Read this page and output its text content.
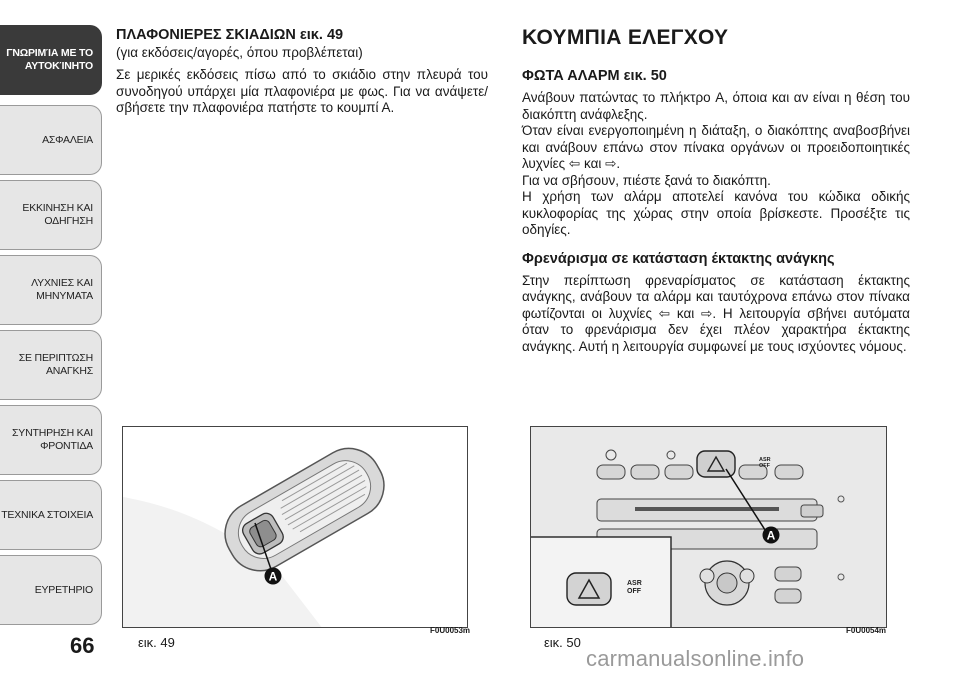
ΓΝΩΡΙΜΊΑ ΜΕ ΤΟ
ΑΥΤΟΚΊΝΗΤΟ
ΑΣΦΑΛΕΙΑ
ΕΚΚΙΝΗΣΗ ΚΑΙ
ΟΔΗΓΗΣΗ
ΛΥΧΝΙΕΣ ΚΑΙ
ΜΗΝΥΜΑΤΑ
ΣΕ ΠΕΡΙΠΤΩΣΗ
ΑΝΑΓΚΗΣ
ΣΥΝΤΗΡΗΣΗ ΚΑΙ
ΦΡΟΝΤΙΔΑ
ΤΕΧΝΙΚΑ ΣΤΟΙΧΕΙΑ
ΕΥΡΕΤΗΡΙΟ
66
ΠΛΑΦΟΝΙΕΡΕΣ ΣΚΙΑΔΙΩΝ εικ. 49
(για εκδόσεις/αγορές, όπου προβλέπεται)

Σε μερικές εκδόσεις πίσω από το σκιάδιο στην πλευρά του συνοδηγού υπάρχει μία πλαφονιέρα με φως. Για να ανάψετε/σβήσετε την πλαφονιέρα πατήστε το κουμπί Α.

ΚΟΥΜΠΙΑ ΕΛΕΓΧΟΥ
ΦΩΤΑ ΑΛΑΡΜ εικ. 50

Ανάβουν πατώντας το πλήκτρο A, όποια και αν είναι η θέση του διακόπτη ανάφλεξης.

Όταν είναι ενεργοποιημένη η διάταξη, ο διακόπτης αναβοσβήνει και ανάβουν επάνω στον πίνακα οργάνων οι προειδοποιητικές λυχνίες ⇦ και ⇨.

Για να σβήσουν, πιέστε ξανά το διακόπτη.

Η χρήση των αλάρμ αποτελεί κανόνα του κώδικα οδικής κυκλοφορίας της χώρας στην οποία βρίσκεστε. Προσέξτε τις οδηγίες.

Φρενάρισμα σε κατάσταση έκτακτης ανάγκης

Στην περίπτωση φρεναρίσματος σε κατάσταση έκτακτης ανάγκης, ανάβουν τα αλάρμ και ταυτόχρονα επάνω στον πίνακα φωτίζονται οι λυχνίες ⇦ και ⇨. Η λειτουργία σβήνει αυτόματα όταν το φρενάρισμα δεν έχει πλέον χαρακτήρα έκτακτης ανάγκης. Αυτή η λειτουργία συμφωνεί με τους ισχύοντες νόμους.

A
εικ. 49
F0U0053m
ASR
OFF
ASR
OFF
A
εικ. 50
F0U0054m
carmanualsonline.info
